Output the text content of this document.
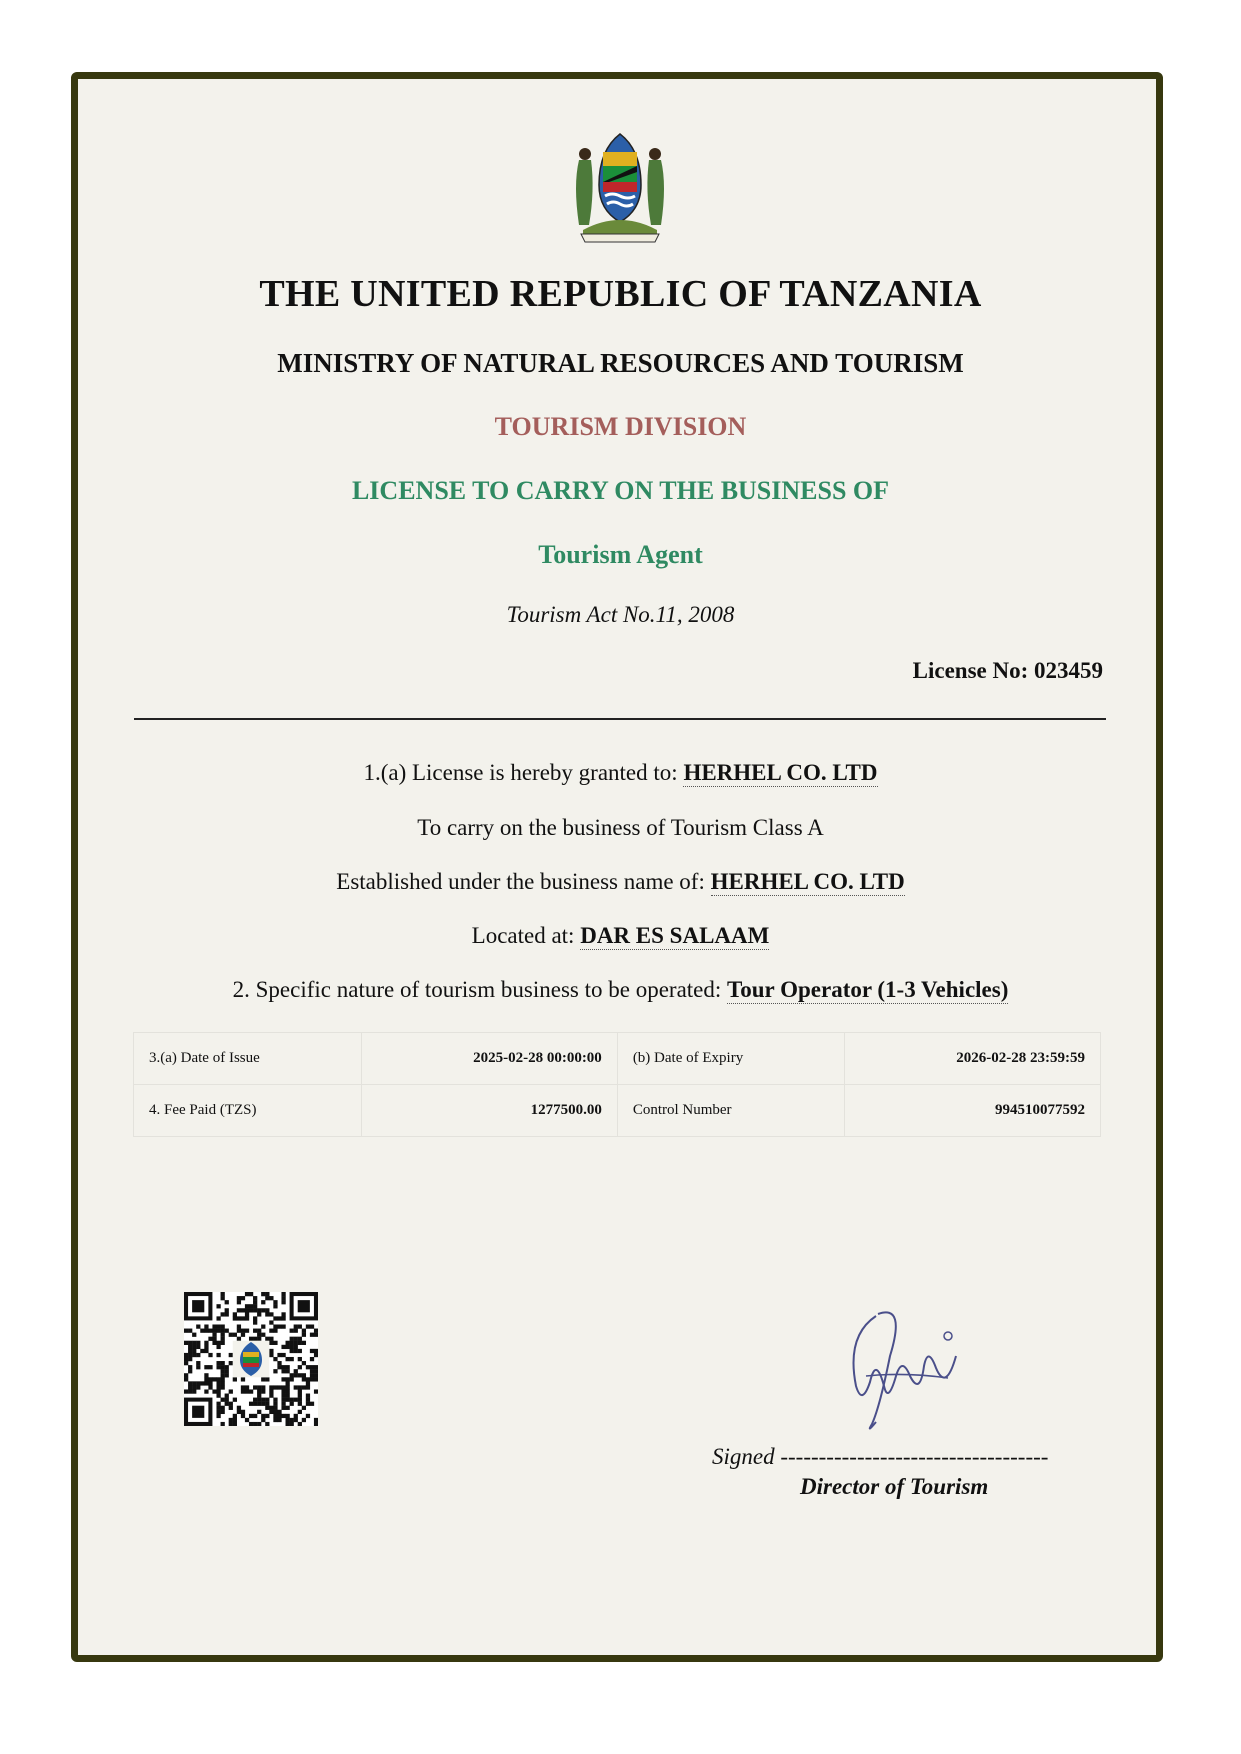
THE UNITED REPUBLIC OF TANZANIA
MINISTRY OF NATURAL RESOURCES AND TOURISM
TOURISM DIVISION
LICENSE TO CARRY ON THE BUSINESS OF
Tourism Agent
Tourism Act No.11, 2008
License No: 023459
1.(a) License is hereby granted to: HERHEL CO. LTD
To carry on the business of Tourism Class A
Established under the business name of: HERHEL CO. LTD
Located at: DAR ES SALAAM
2. Specific nature of tourism business to be operated: Tour Operator (1-3 Vehicles)
3.(a) Date of Issue	2025-02-28 00:00:00	(b) Date of Expiry	2026-02-28 23:59:59
4. Fee Paid (TZS)	1277500.00	Control Number	994510077592
Signed -----------------------------------
Director of Tourism
